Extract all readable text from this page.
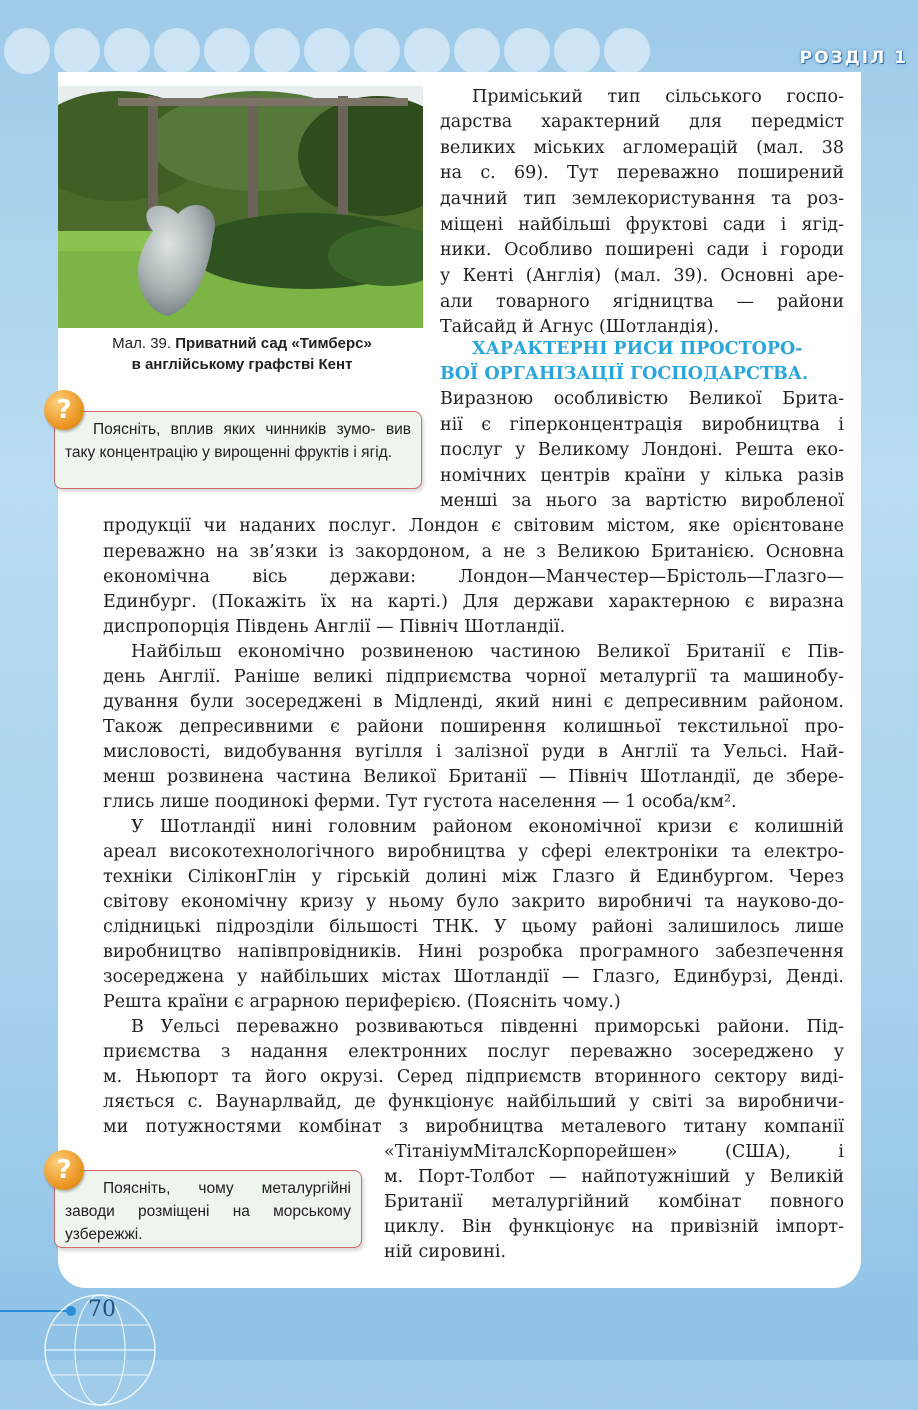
РОЗДІЛ 1
Мал. 39. Приватний сад «Тимберс»
в англійському графстві Кент
Поясніть, вплив яких чинників зумо- вив таку концентрацію у вирощенні фруктів і ягід.
?
Поясніть, чому металургійні заводи розміщені на морському узбережжі.
?
Приміський тип сільського госпо-
дарства характерний для передміст
великих міських агломерацій (мал. 38
на с. 69). Тут переважно поширений
дачний тип землекористування та роз-
міщені найбільші фруктові сади і ягід-
ники. Особливо поширені сади і городи
у Кенті (Англія) (мал. 39). Основні аре-
али товарного ягідництва — райони
Тайсайд й Агнус (Шотландія).
ХАРАКТЕРНІ РИСИ ПРОСТОРО-
ВОЇ ОРГАНІЗАЦІЇ ГОСПОДАРСТВА.
Виразною особливістю Великої Брита-
нії є гіперконцентрація виробництва і
послуг у Великому Лондоні. Решта еко-
номічних центрів країни у кілька разів
менші за нього за вартістю виробленої
продукції чи наданих послуг. Лондон є світовим містом, яке орієнтоване
переважно на зв’язки із закордоном, а не з Великою Британією. Основна
економічна вісь держави: Лондон—Манчестер—Брістоль—Глазго—
Единбург. (Покажіть їх на карті.) Для держави характерною є виразна
диспропорція Південь Англії — Північ Шотландії.
Найбільш економічно розвиненою частиною Великої Британії є Пів-
день Англії. Раніше великі підприємства чорної металургії та машинобу-
дування були зосереджені в Мідленді, який нині є депресивним районом.
Також депресивними є райони поширення колишньої текстильної про-
мисловості, видобування вугілля і залізної руди в Англії та Уельсі. Най-
менш розвинена частина Великої Британії — Північ Шотландії, де збере-
глись лише поодинокі ферми. Тут густота населення — 1 особа/км².
У Шотландії нині головним районом економічної кризи є колишній
ареал високотехнологічного виробництва у сфері електроніки та електро-
техніки СіліконГлін у гірській долині між Глазго й Единбургом. Через
світову економічну кризу у ньому було закрито виробничі та науково-до-
слідницькі підрозділи більшості ТНК. У цьому районі залишилось лише
виробництво напівпровідників. Нині розробка програмного забезпечення
зосереджена у найбільших містах Шотландії — Глазго, Единбурзі, Денді.
Решта країни є аграрною периферією. (Поясніть чому.)
В Уельсі переважно розвиваються південні приморські райони. Під-
приємства з надання електронних послуг переважно зосереджено у
м. Ньюпорт та його окрузі. Серед підприємств вторинного сектору виді-
ляється с. Ваунарлвайд, де функціонує найбільший у світі за виробничи-
ми потужностями комбінат з виробництва металевого титану компанії
«ТітаніумМіталсКорпорейшен» (США), і
м. Порт-Толбот — найпотужніший у Великій
Британії металургійний комбінат повного
циклу. Він функціонує на привізній імпорт-
ній сировині.
70
